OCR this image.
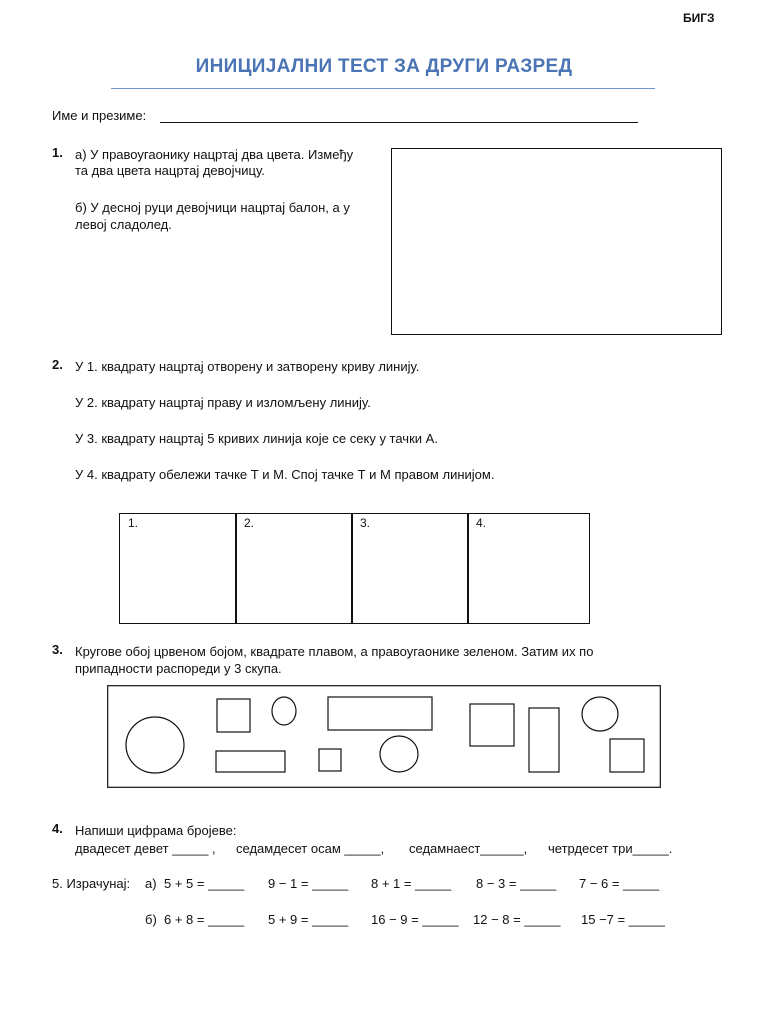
БИГЗ
ИНИЦИЈАЛНИ ТЕСТ ЗА ДРУГИ РАЗРЕД
Име и презиме:
1. а) У правоугаонику нацртај два цвета. Између
та два цвета нацртај девојчицу.
б) У десној руци девојчици нацртај балон, а у
левој сладолед.
2. У 1. квадрату нацртај отворену и затворену криву линију.
У 2. квадрату нацртај праву и изломљену линију.
У 3. квадрату нацртај 5 кривих линија које се секу у тачки А.
У 4. квадрату обележи тачке Т и М. Спој тачке Т и М правом линијом.
1.	2.	3.	4.
3. Кругове обој црвеном бојом, квадрате плавом, а правоугаонике зеленом. Затим их по
припадности распореди у 3 скупа.
4. Напиши цифрама бројеве:
двадесет девет _____ , седамдесет осам _____, седамнаест______, четрдесет три_____.
5. Израчунај: а) 5 + 5 = _____ 9 − 1 = _____ 8 + 1 = _____ 8 − 3 = _____ 7 − 6 = _____
б) 6 + 8 = _____ 5 + 9 = _____ 16 − 9 = _____ 12 − 8 = _____ 15 −7 = _____
